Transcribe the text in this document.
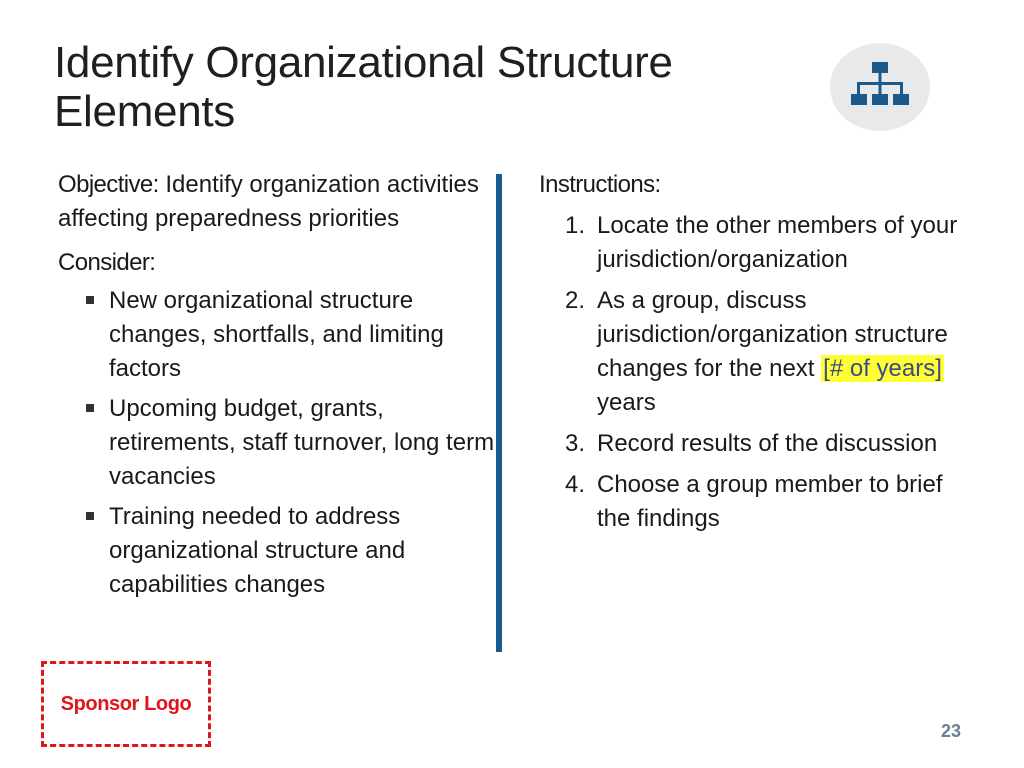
Identify Organizational Structure Elements

Objective: Identify organization activities affecting preparedness priorities

Consider:

New organizational structure changes, shortfalls, and limiting factors
Upcoming budget, grants, retirements, staff turnover, long term vacancies
Training needed to address organizational structure and capabilities changes

Instructions:

1. Locate the other members of your jurisdiction/organization
2. As a group, discuss jurisdiction/organization structure changes for the next [# of years] years
3. Record results of the discussion
4. Choose a group member to brief the findings
Sponsor Logo
23
